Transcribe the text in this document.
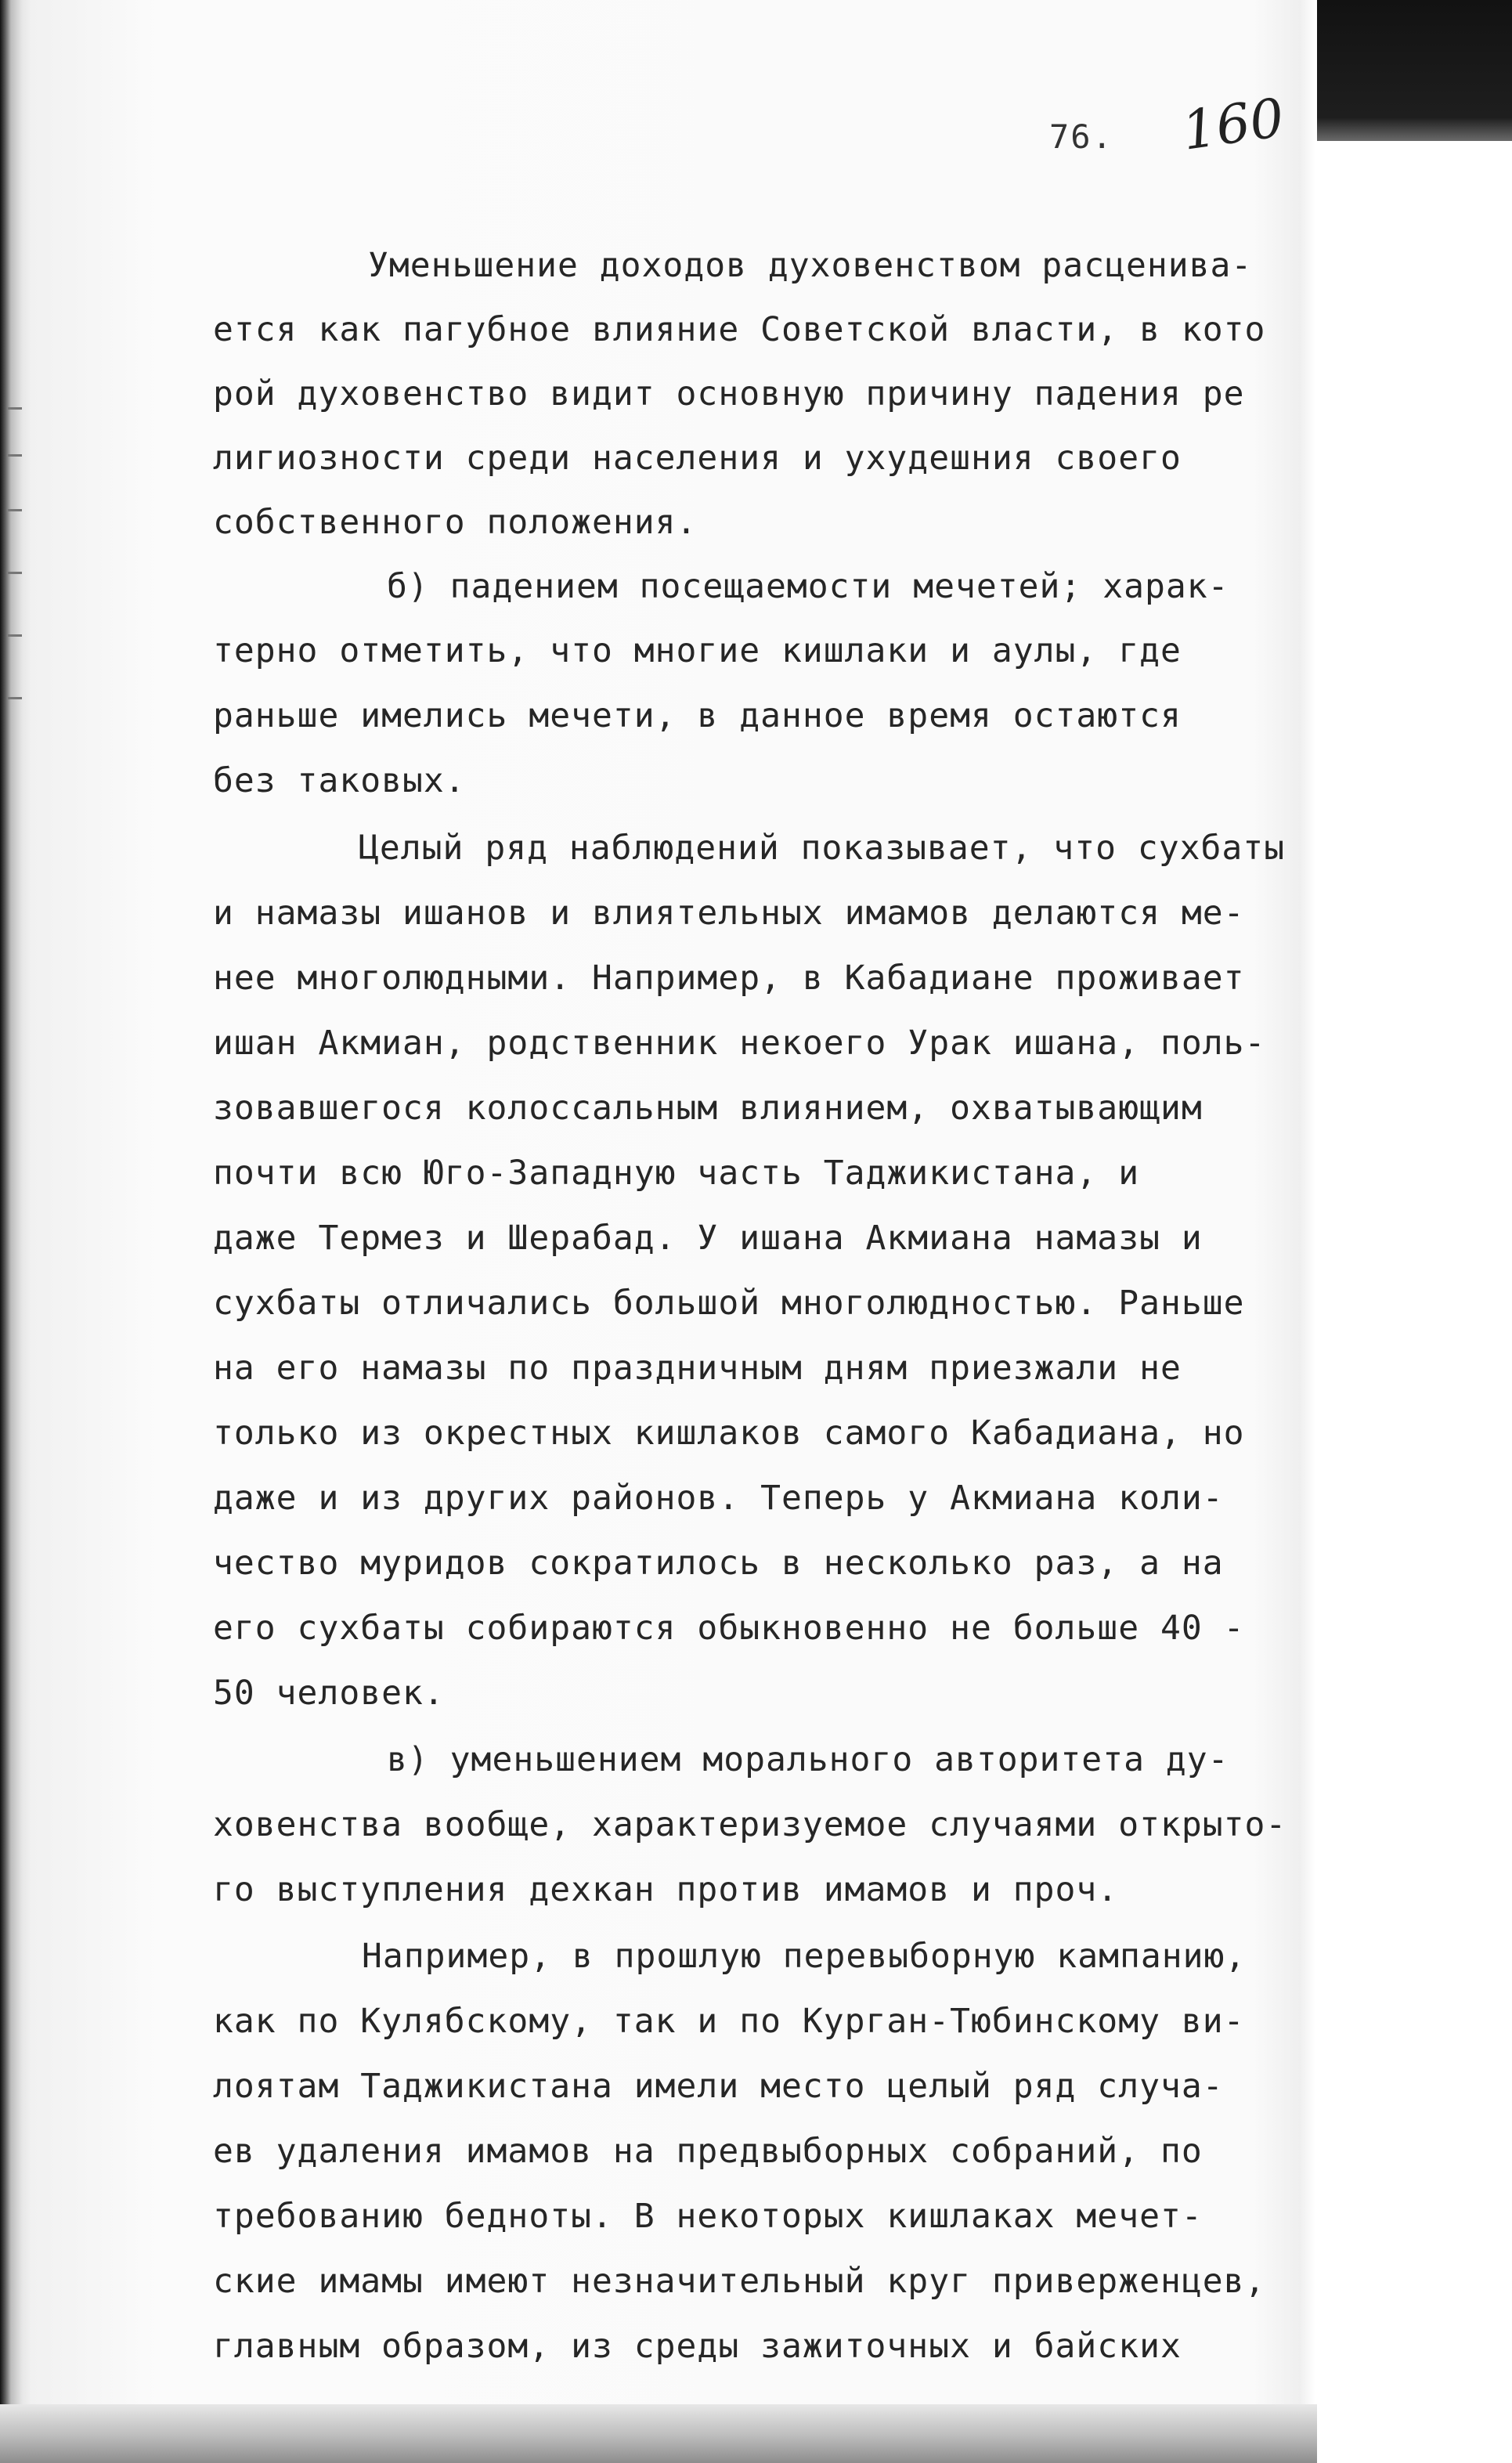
76. 160
Уменьшение доходов духовенством расценива-
ется как пагубное влияние Советской власти, в кото
рой духовенство видит основную причину падения ре
лигиозности среди населения и ухудешния своего
собственного положения.
б) падением посещаемости мечетей; харак-
терно отметить, что многие кишлаки и аулы, где
раньше имелись мечети, в данное время остаются
без таковых.
Целый ряд наблюдений показывает, что сухбаты
и намазы ишанов и влиятельных имамов делаются ме-
нее многолюдными. Например, в Кабадиане проживает
ишан Акмиан, родственник некоего Урак ишана, поль-
зовавшегося колоссальным влиянием, охватывающим
почти всю Юго-Западную часть Таджикистана, и
даже Термез и Шерабад. У ишана Акмиана намазы и
сухбаты отличались большой многолюдностью. Раньше
на его намазы по праздничным дням приезжали не
только из окрестных кишлаков самого Кабадиана, но
даже и из других районов. Теперь у Акмиана коли-
чество муридов сократилось в несколько раз, а на
его сухбаты собираются обыкновенно не больше 40 -
50 человек.
в) уменьшением морального авторитета ду-
ховенства вообще, характеризуемое случаями открыто-
го выступления дехкан против имамов и проч.
Например, в прошлую перевыборную кампанию,
как по Кулябскому, так и по Курган-Тюбинскому ви-
лоятам Таджикистана имели место целый ряд случа-
ев удаления имамов на предвыборных собраний, по
требованию бедноты. В некоторых кишлаках мечет-
ские имамы имеют незначительный круг приверженцев,
главным образом, из среды зажиточных и байских
